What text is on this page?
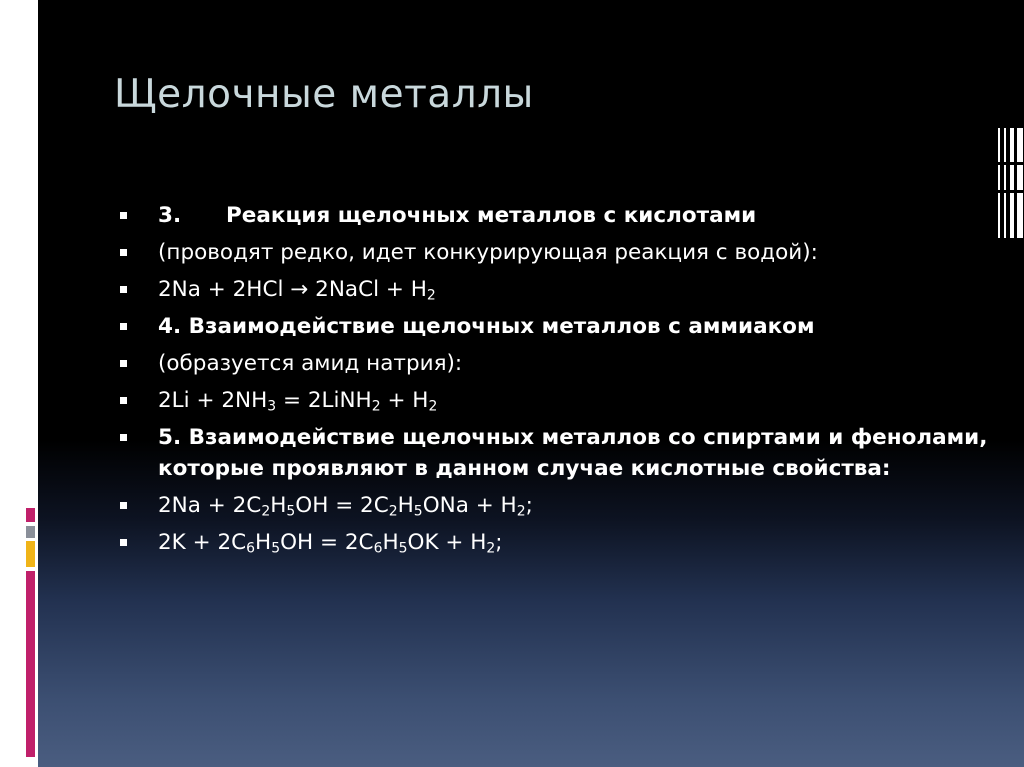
Щелочные металлы
3. Реакция щелочных металлов с кислотами
(проводят редко, идет конкурирующая реакция с водой):
2Na + 2HCl → 2NaCl + $H_2$
4. Взаимодействие щелочных металлов с аммиаком
(образуется амид натрия):
$2Li + 2NH_3$ = 2LiNH$_2$ + $H_2$
5. Взаимодействие щелочных металлов со спиртами и фенолами, которые проявляют в данном случае кислотные свойства:
$2Na + 2C_2H_5OH = 2C_2H_5ONa + H_2$;
$2K + 2C_6H_5OH = 2C_6H_5OK + H_2$;
